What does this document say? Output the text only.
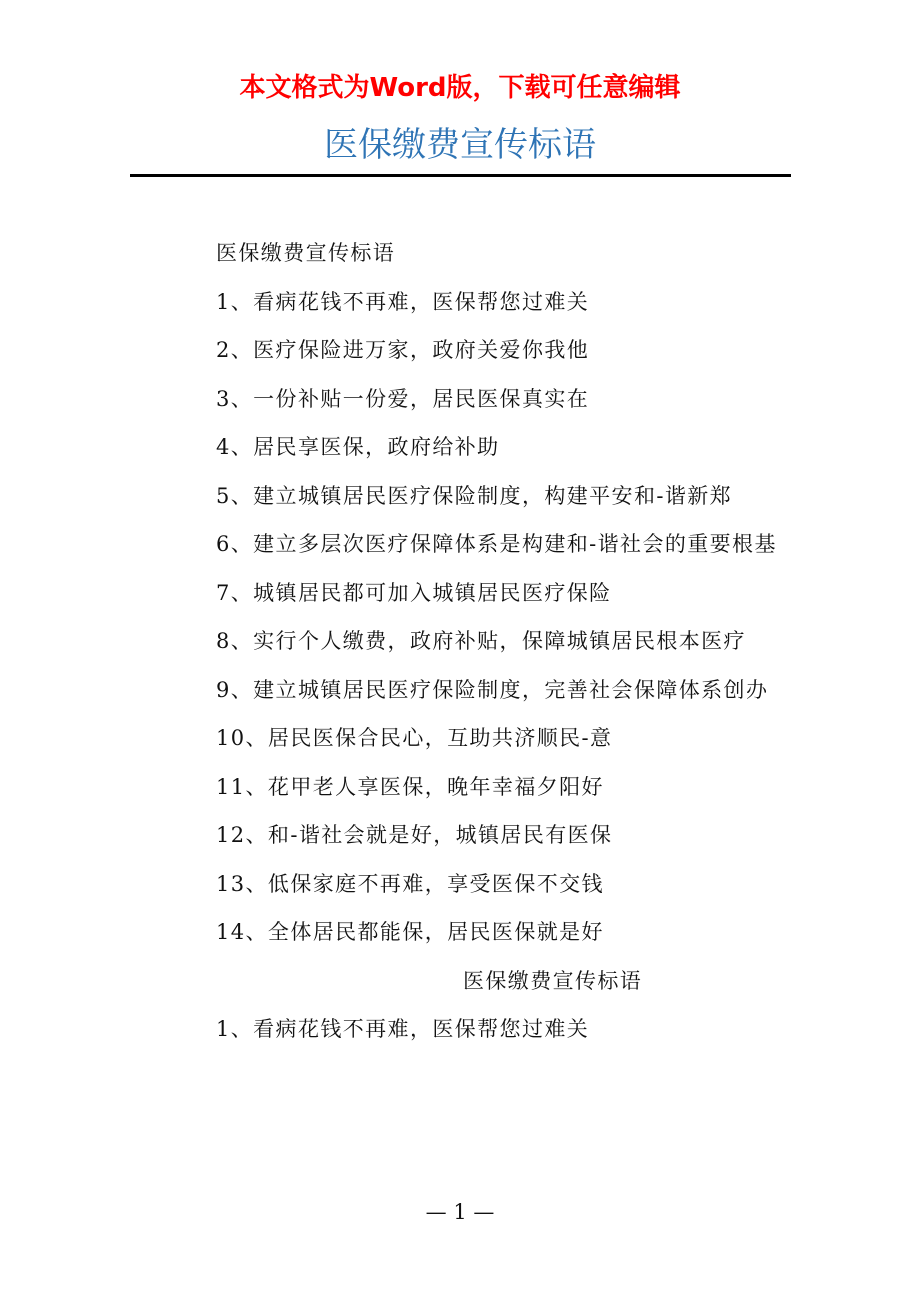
本文格式为Word版，下载可任意编辑
医保缴费宣传标语

医保缴费宣传标语

1、看病花钱不再难，医保帮您过难关

2、医疗保险进万家，政府关爱你我他

3、一份补贴一份爱，居民医保真实在

4、居民享医保，政府给补助

5、建立城镇居民医疗保险制度，构建平安和-谐新郑

6、建立多层次医疗保障体系是构建和-谐社会的重要根基

7、城镇居民都可加入城镇居民医疗保险

8、实行个人缴费，政府补贴，保障城镇居民根本医疗

9、建立城镇居民医疗保险制度，完善社会保障体系创办

10、居民医保合民心，互助共济顺民-意

11、花甲老人享医保，晚年幸福夕阳好

12、和-谐社会就是好，城镇居民有医保

13、低保家庭不再难，享受医保不交钱

14、全体居民都能保，居民医保就是好

医保缴费宣传标语

1、看病花钱不再难，医保帮您过难关

— 1 —
